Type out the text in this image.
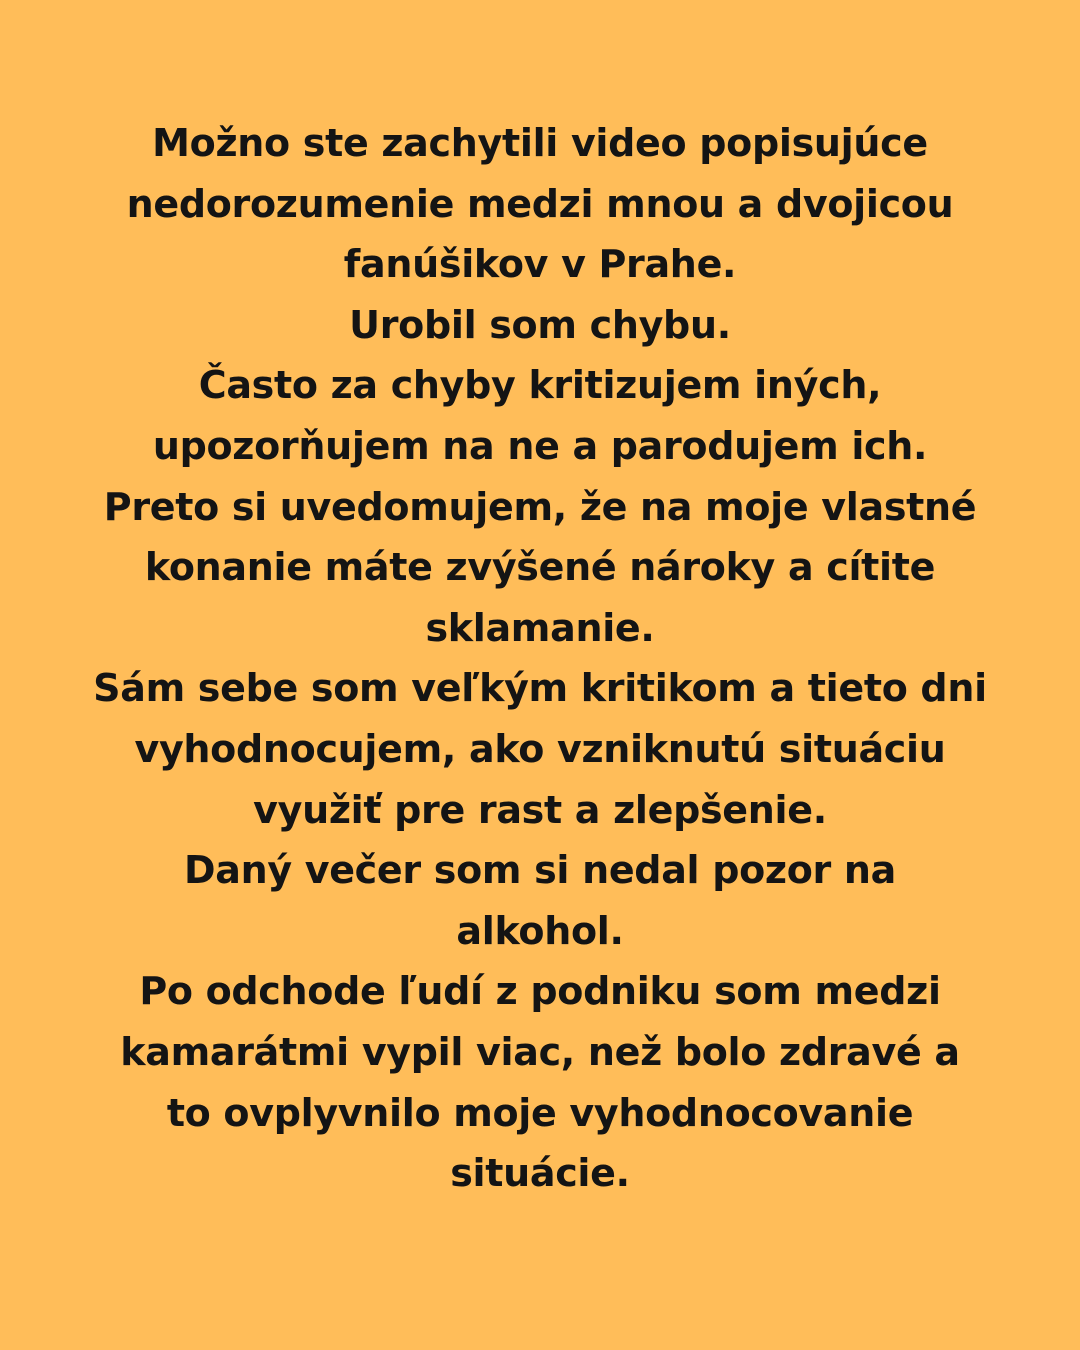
Možno ste zachytili video popisujúce
nedorozumenie medzi mnou a dvojicou
fanúšikov v Prahe.
Urobil som chybu.
Často za chyby kritizujem iných,
upozorňujem na ne a parodujem ich.
Preto si uvedomujem, že na moje vlastné
konanie máte zvýšené nároky a cítite
sklamanie.
Sám sebe som veľkým kritikom a tieto dni
vyhodnocujem, ako vzniknutú situáciu
využiť pre rast a zlepšenie.
Daný večer som si nedal pozor na
alkohol.
Po odchode ľudí z podniku som medzi
kamarátmi vypil viac, než bolo zdravé a
to ovplyvnilo moje vyhodnocovanie
situácie.
